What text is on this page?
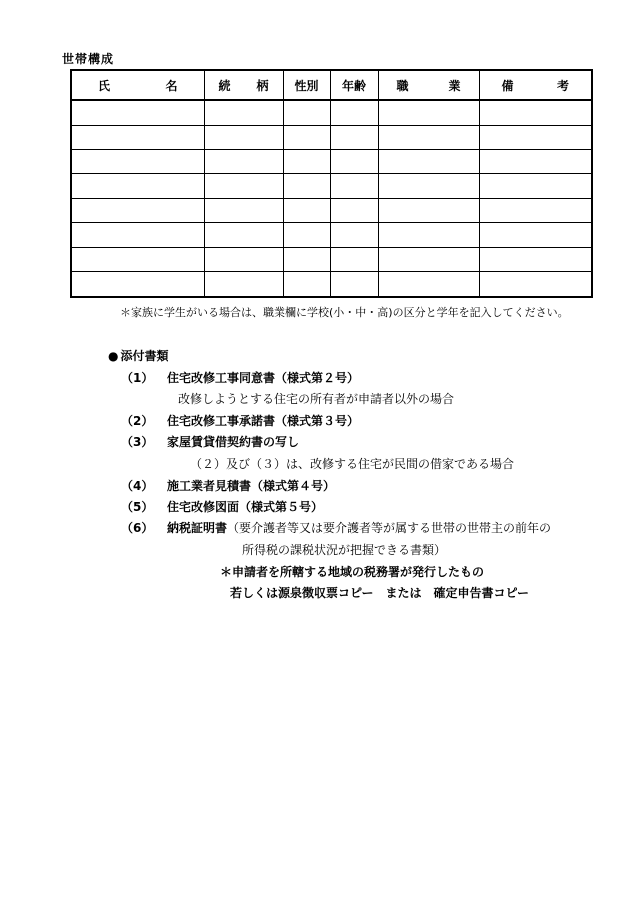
世帯構成
氏 名	続 柄	性別	年齢	職 業	備 考

＊家族に学生がいる場合は、職業欄に学校(小・中・高)の区分と学年を記入してください。
● 添付書類
（1） 住宅改修工事同意書（様式第２号）
改修しようとする住宅の所有者が申請者以外の場合
（2） 住宅改修工事承諾書（様式第３号）
（3） 家屋賃貸借契約書の写し
（２）及び（３）は、改修する住宅が民間の借家である場合
（4） 施工業者見積書（様式第４号）
（5） 住宅改修図面（様式第５号）
（6） 納税証明書（要介護者等又は要介護者等が属する世帯の世帯主の前年の
所得税の課税状況が把握できる書類）
＊申請者を所轄する地域の税務署が発行したもの
若しくは源泉徴収票コピー　または　確定申告書コピー
